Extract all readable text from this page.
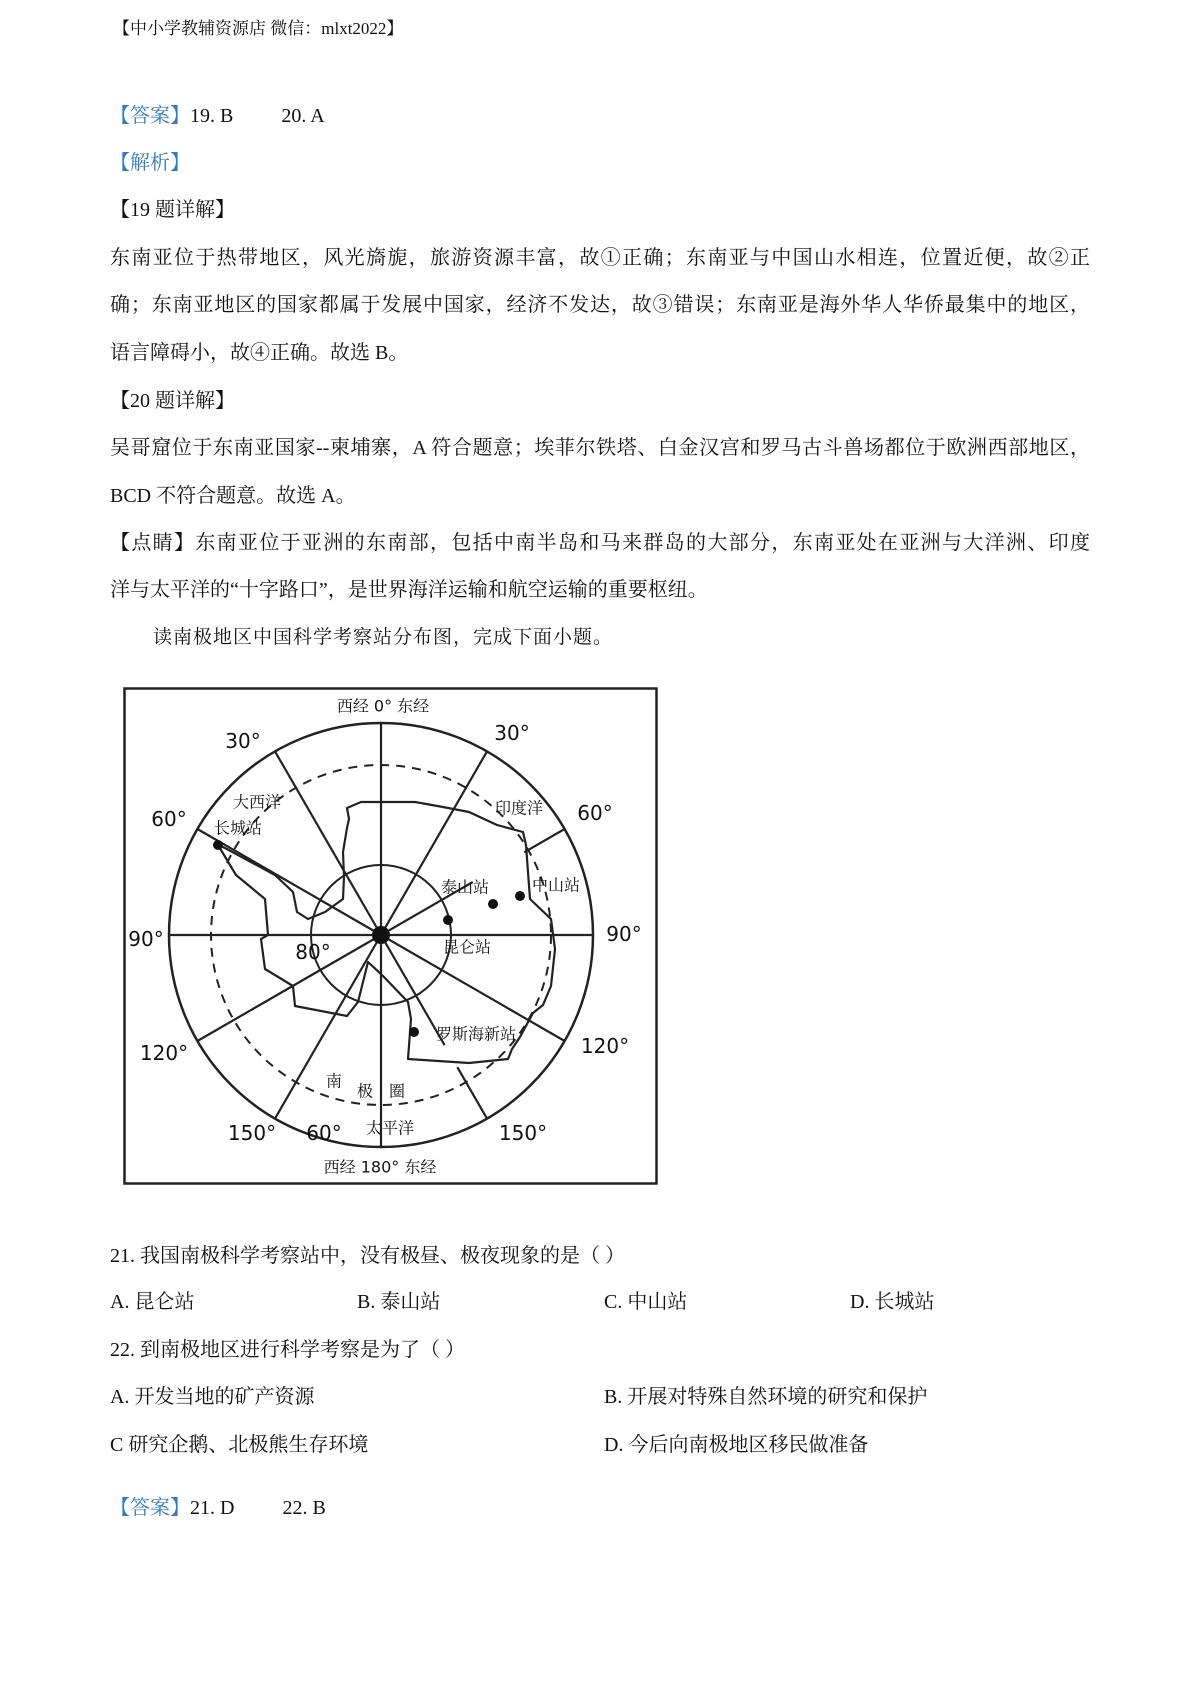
【中小学教辅资源店 微信：mlxt2022】
【答案】19. B 20. A
【解析】
【19 题详解】
东南亚位于热带地区，风光旖旎，旅游资源丰富，故①正确；东南亚与中国山水相连，位置近便，故②正
确；东南亚地区的国家都属于发展中国家，经济不发达，故③错误；东南亚是海外华人华侨最集中的地区，
语言障碍小，故④正确。故选 B。
【20 题详解】
吴哥窟位于东南亚国家--柬埔寨，A 符合题意；埃菲尔铁塔、白金汉宫和罗马古斗兽场都位于欧洲西部地区，
BCD 不符合题意。故选 A。
【点睛】东南亚位于亚洲的东南部，包括中南半岛和马来群岛的大部分，东南亚处在亚洲与大洋洲、印度
洋与太平洋的“十字路口”，是世界海洋运输和航空运输的重要枢纽。
读南极地区中国科学考察站分布图，完成下面小题。
西经 0° 东经
西经 180° 东经
30°	30°
60°	60°
90°	90°
120°	120°
150°	150°
80°
60°
大西洋	印度洋
太平洋
南
极 圈
长城站
泰山站	中山站
昆仑站
罗斯海新站
21. 我国南极科学考察站中，没有极昼、极夜现象的是（ ）
A. 昆仑站	B. 泰山站	C. 中山站	D. 长城站
22. 到南极地区进行科学考察是为了（ ）
A. 开发当地的矿产资源	B. 开展对特殊自然环境的研究和保护
C 研究企鹅、北极熊生存环境	D. 今后向南极地区移民做准备
【答案】21. D 22. B
